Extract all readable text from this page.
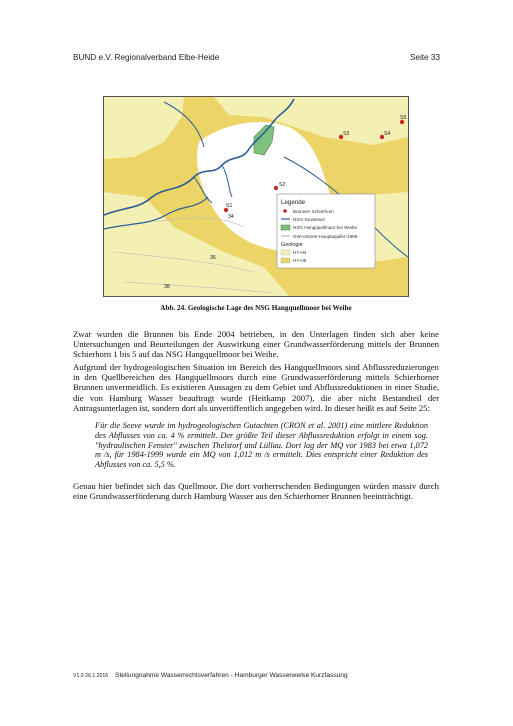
BUND e.V. Regionalverband Elbe-Heide	Seite 33
S1
S2
S3	S4
S5
34
36
38
Legende
Brunnen Schierhorn
NSG-Gewässer
NSG Hangquellmoor bei Weihe
GW-Unterer-Hauptaquifer-1999
Geologie
HY-H4
HY-H5
Abb. 24. Geologische Lage des NSG Hangquellmoor bei Weihe

Zwar wurden die Brunnen bis Ende 2004 betrieben, in den Unterlagen finden sich aber keine Untersuchungen und Beurteilungen der Auswirkung einer Grundwasserförderung mittels der Brunnen Schierhorn 1 bis 5 auf das NSG Hangquellmoor bei Weihe.

Aufgrund der hydrogeologischen Situation im Bereich des Hangquellmoors sind Abflussreduzierungen in den Quellbereichen des Hangquellmoors durch eine Grundwasserförderung mittels Schierhorner Brunnen unvermeidlich. Es existieren Aussagen zu dem Gebiet und Abflussreduktionen in einer Studie, die von Hamburg Wasser beauftragt wurde (Heitkamp 2007), die aber nicht Bestandteil der Antragsunterlagen ist, sondern dort als unveröffentlich angegeben wird. In dieser heißt es auf Seite 25:

Für die Seeve wurde im hydrogeologischen Gutachten (CRON et al. 2001) eine mittlere Reduktion des Abflusses von ca. 4 % ermittelt. Der größte Teil dieser Abflussreduktion erfolgt in einem sog. "hydraulischen Fenster" zwischen Thelstorf und Lüllau. Dort lag der MQ vor 1983 bei etwa 1,072 m /s, für 1984-1999 wurde ein MQ von 1,012 m /s ermittelt. Dies entspricht einer Reduktion des Abflusses von ca. 5,5 %.

Genau hier befindet sich das Quellmoor. Die dort vorherrschenden Bedingungen würden massiv durch eine Grundwasserförderung durch Hamburg Wasser aus den Schierhorner Brunnen beeinträchtigt.

V1.0 26.1.2016 Stellungnahme Wasserrechtsverfahren - Hamburger Wasserwerke Kurzfassung
